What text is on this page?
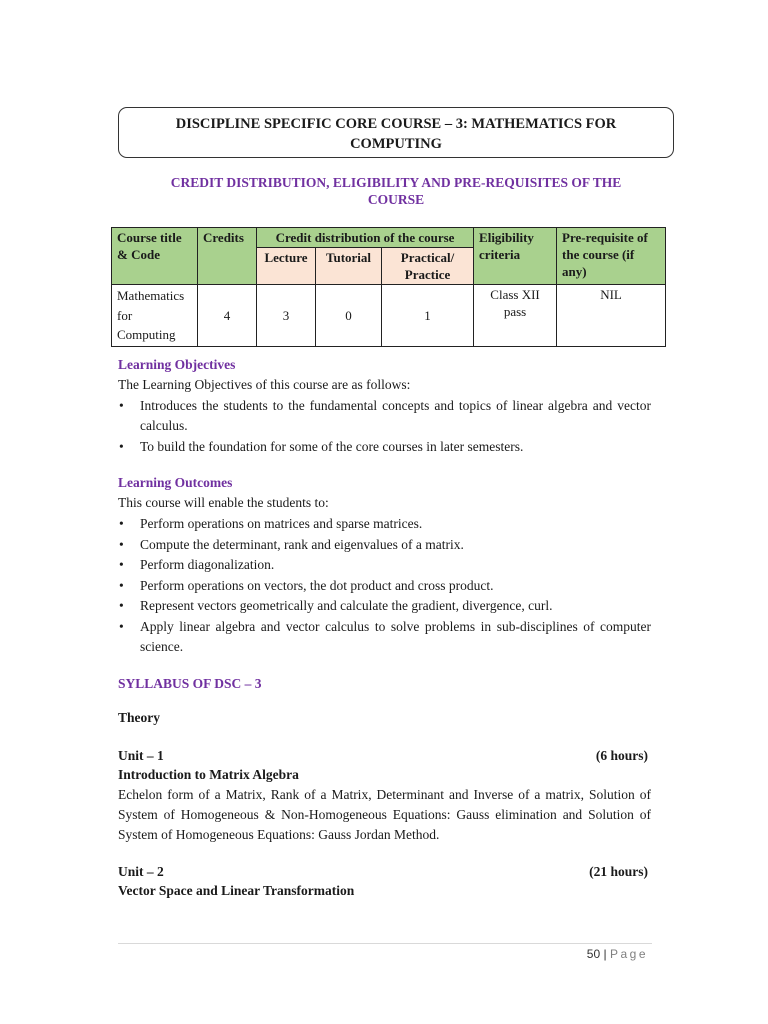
DISCIPLINE SPECIFIC CORE COURSE – 3: MATHEMATICS FOR
COMPUTING
CREDIT DISTRIBUTION, ELIGIBILITY AND PRE-REQUISITES OF THE
COURSE
Course title & Code	Credits	Credit distribution of the course			Eligibility criteria	Pre-requisite of the course (if any)
		Lecture	Tutorial	Practical/ Practice		
Mathematics for Computing	4	3	0	1	Class XII pass	NIL
Learning Objectives
The Learning Objectives of this course are as follows:
• Introduces the students to the fundamental concepts and topics of linear algebra and vector calculus.
• To build the foundation for some of the core courses in later semesters.
Learning Outcomes
This course will enable the students to:
• Perform operations on matrices and sparse matrices.
• Compute the determinant, rank and eigenvalues of a matrix.
• Perform diagonalization.
• Perform operations on vectors, the dot product and cross product.
• Represent vectors geometrically and calculate the gradient, divergence, curl.
• Apply linear algebra and vector calculus to solve problems in sub-disciplines of computer science.
SYLLABUS OF DSC – 3
Theory
Unit – 1	(6 hours)
Introduction to Matrix Algebra
Echelon form of a Matrix, Rank of a Matrix, Determinant and Inverse of a matrix, Solution of System of Homogeneous & Non-Homogeneous Equations: Gauss elimination and Solution of System of Homogeneous Equations: Gauss Jordan Method.
Unit – 2	(21 hours)
Vector Space and Linear Transformation
50 | Page
